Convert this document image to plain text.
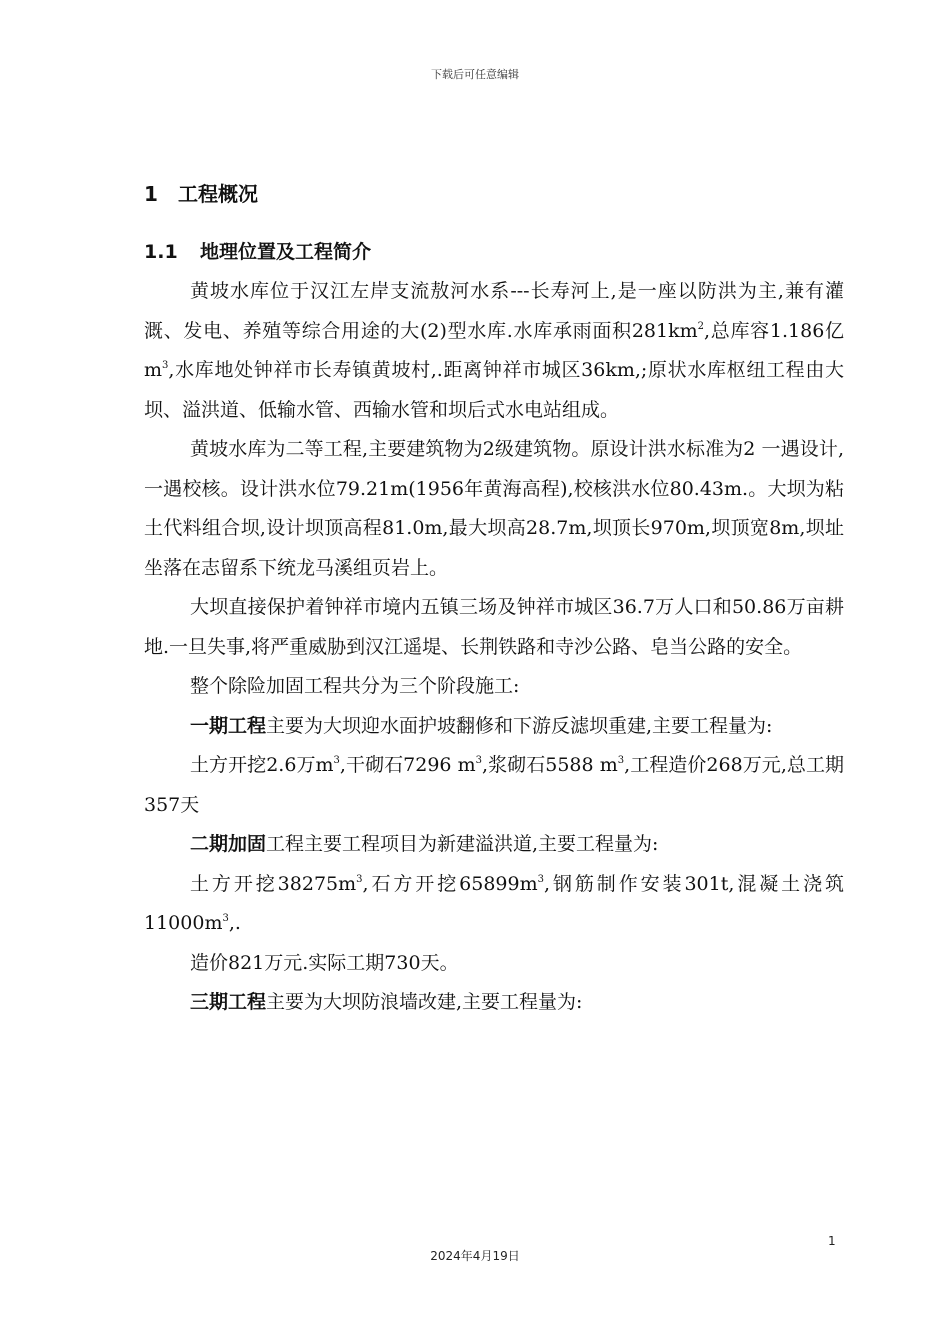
下载后可任意编辑
1 工程概况
1.1 地理位置及工程简介

黄坡水库位于汉江左岸支流敖河水系---长寿河上,是一座以防洪为主,兼有灌溉、发电、养殖等综合用途的大(2)型水库.水库承雨面积$281km^2$,总库容1.186亿$m^3$,水库地处钟祥市长寿镇黄坡村,.距离钟祥市城区36km,;原状水库枢纽工程由大坝、溢洪道、低输水管、西输水管和坝后式水电站组成。

黄坡水库为二等工程,主要建筑物为2级建筑物。原设计洪水标准为2 一遇设计, 一遇校核。设计洪水位79.21m(1956年黄海高程),校核洪水位80.43m.。大坝为粘土代料组合坝,设计坝顶高程81.0m,最大坝高28.7m,坝顶长970m,坝顶宽8m,坝址坐落在志留系下统龙马溪组页岩上。

大坝直接保护着钟祥市境内五镇三场及钟祥市城区36.7万人口和50.86万亩耕地.一旦失事,将严重威胁到汉江遥堤、长荆铁路和寺沙公路、皂当公路的安全。

整个除险加固工程共分为三个阶段施工:

一期工程主要为大坝迎水面护坡翻修和下游反滤坝重建,主要工程量为:

土方开挖2.6万$m^3$,干砌石7296 $m^3$,浆砌石5588 $m^3$,工程造价268万元,总工期357天

二期加固工程主要工程项目为新建溢洪道,主要工程量为:

土方开挖$38275m^3$,石方开挖$65899m^3$,钢筋制作安装301t,混凝土浇筑$11000m^3$,.

造价821万元.实际工期730天。

三期工程主要为大坝防浪墙改建,主要工程量为:

1
2024年4月19日
